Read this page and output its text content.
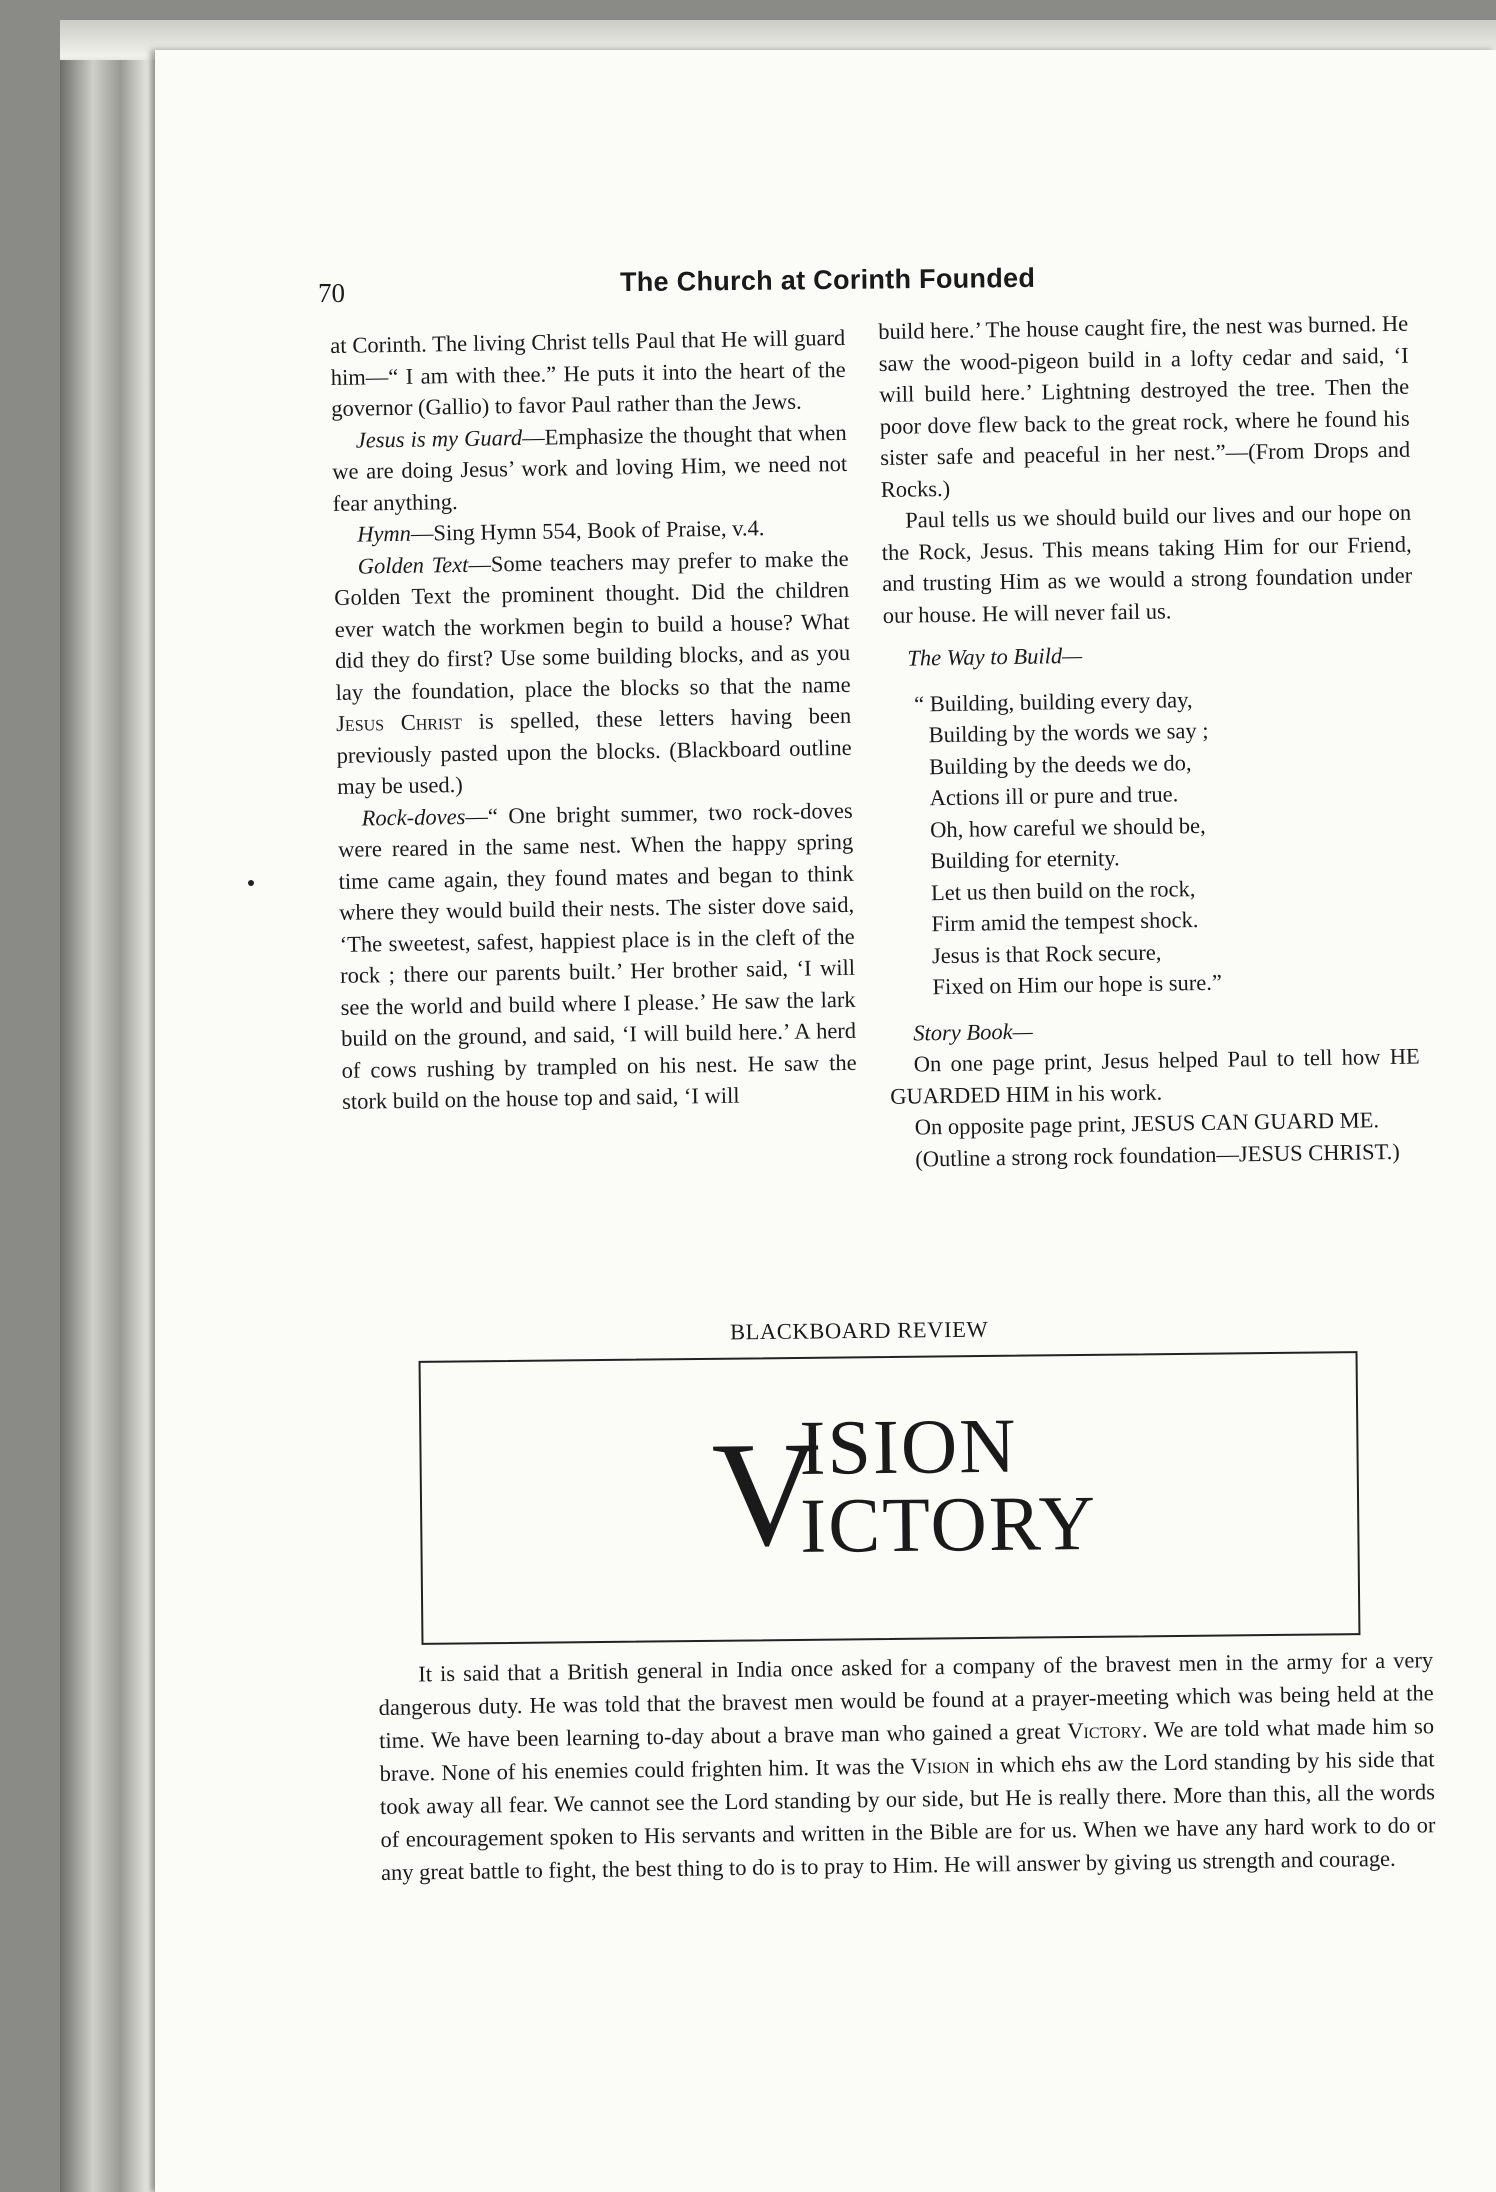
70	The Church at Corinth Founded

at Corinth. The living Christ tells Paul that He will guard him—“ I am with thee.” He puts it into the heart of the governor (Gallio) to favor Paul rather than the Jews.

Jesus is my Guard—Emphasize the thought that when we are doing Jesus’ work and loving Him, we need not fear anything.

Hymn—Sing Hymn 554, Book of Praise, v.4.

Golden Text—Some teachers may prefer to make the Golden Text the prominent thought. Did the children ever watch the workmen begin to build a house? What did they do first? Use some building blocks, and as you lay the foundation, place the blocks so that the name Jesus Christ is spelled, these letters having been previously pasted upon the blocks. (Blackboard outline may be used.)

Rock-doves—“ One bright summer, two rock-doves were reared in the same nest. When the happy spring time came again, they found mates and began to think where they would build their nests. The sister dove said, ‘The sweetest, safest, happiest place is in the cleft of the rock ; there our parents built.’ Her brother said, ‘I will see the world and build where I please.’ He saw the lark build on the ground, and said, ‘I will build here.’ A herd of cows rushing by trampled on his nest. He saw the stork build on the house top and said, ‘I will

build here.’ The house caught fire, the nest was burned. He saw the wood-pigeon build in a lofty cedar and said, ‘I will build here.’ Lightning destroyed the tree. Then the poor dove flew back to the great rock, where he found his sister safe and peaceful in her nest.”—(From Drops and Rocks.)

Paul tells us we should build our lives and our hope on the Rock, Jesus. This means taking Him for our Friend, and trusting Him as we would a strong foundation under our house. He will never fail us.

The Way to Build—

“ Building, building every day,
Building by the words we say ;
Building by the deeds we do,
Actions ill or pure and true.
Oh, how careful we should be,
Building for eternity.
Let us then build on the rock,
Firm amid the tempest shock.
Jesus is that Rock secure,
Fixed on Him our hope is sure.”

Story Book—

On one page print, Jesus helped Paul to tell how HE GUARDED HIM in his work.

On opposite page print, JESUS CAN GUARD ME.

(Outline a strong rock foundation—JESUS CHRIST.)

BLACKBOARD REVIEW
V
ISION
ICTORY

It is said that a British general in India once asked for a company of the bravest men in the army for a very dangerous duty. He was told that the bravest men would be found at a prayer-meeting which was being held at the time. We have been learning to-day about a brave man who gained a great Victory. We are told what made him so brave. None of his enemies could frighten him. It was the Vision in which ehs aw the Lord standing by his side that took away all fear. We cannot see the Lord standing by our side, but He is really there. More than this, all the words of encouragement spoken to His servants and written in the Bible are for us. When we have any hard work to do or any great battle to fight, the best thing to do is to pray to Him. He will answer by giving us strength and courage.
